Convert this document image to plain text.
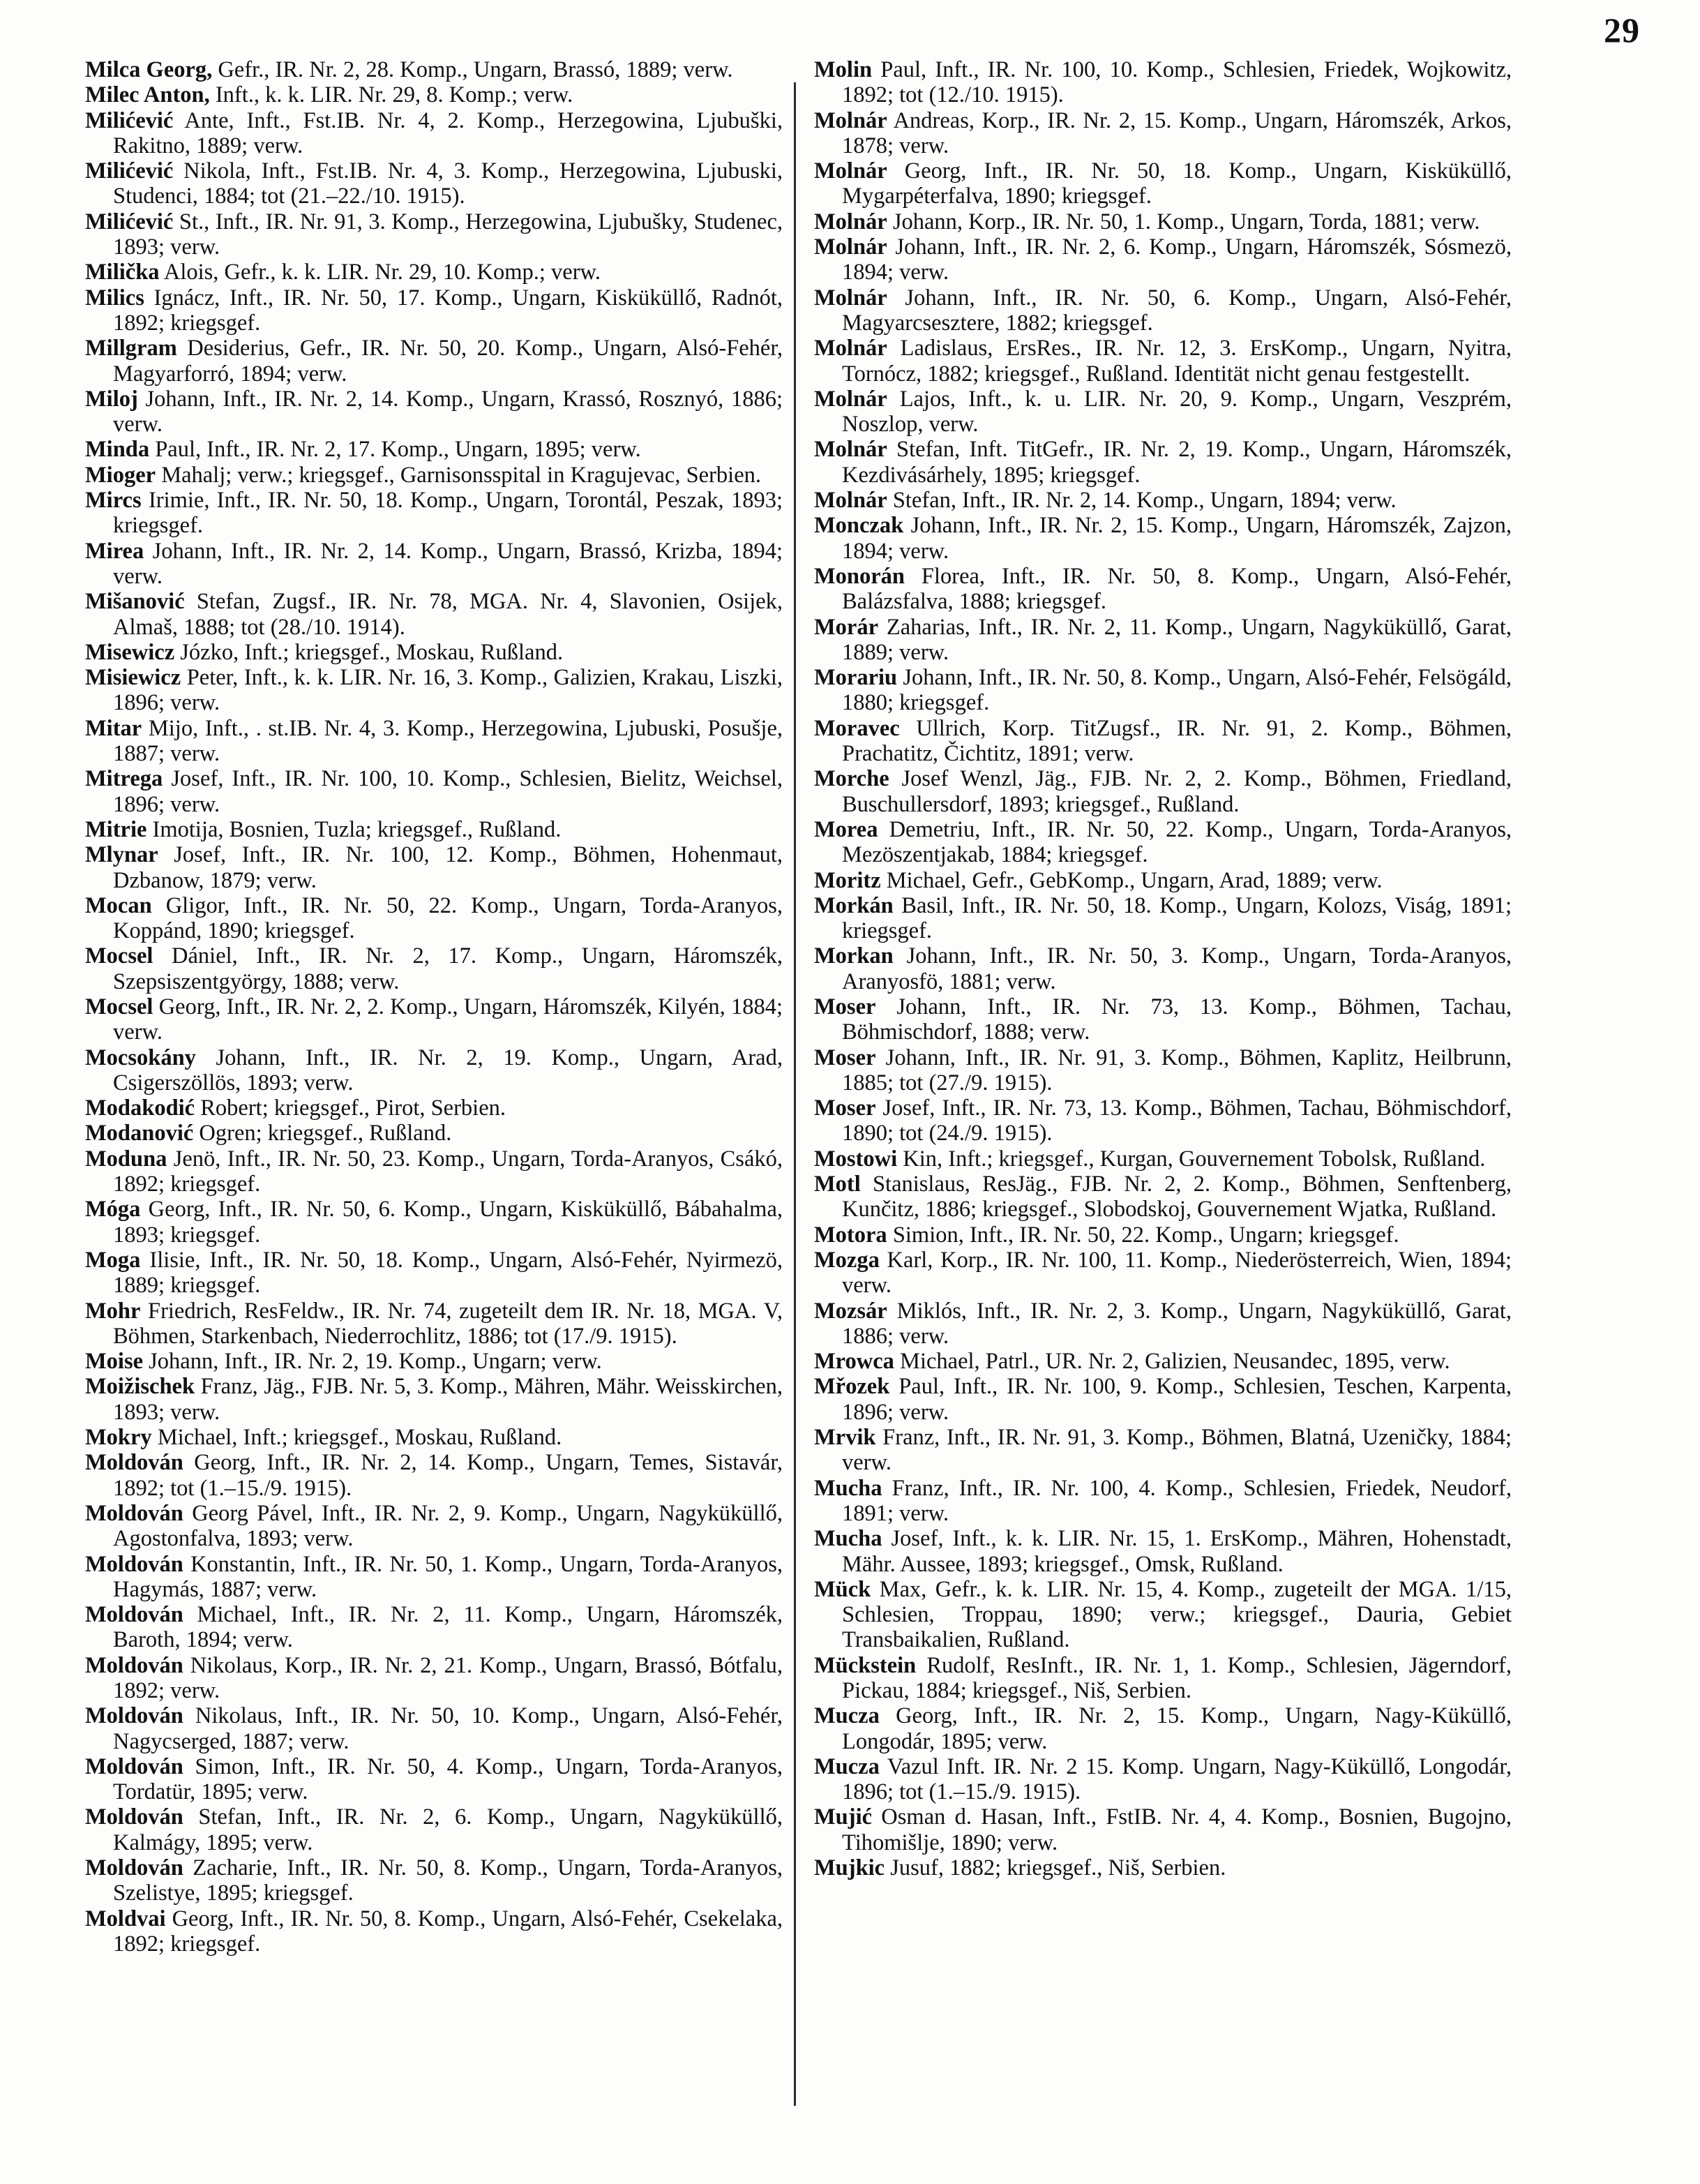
29
Milca Georg, Gefr., IR. Nr. 2, 28. Komp., Ungarn, Brassó, 1889; verw.
Milec Anton, Inft., k. k. LIR. Nr. 29, 8. Komp.; verw.
Milićević Ante, Inft., Fst.IB. Nr. 4, 2. Komp., Herzegowina, Ljubuški, Rakitno, 1889; verw.
Milićević Nikola, Inft., Fst.IB. Nr. 4, 3. Komp., Herzegowina, Ljubuski, Studenci, 1884; tot (21.–22./10. 1915).
Milićević St., Inft., IR. Nr. 91, 3. Komp., Herzegowina, Ljubušky, Studenec, 1893; verw.
Milička Alois, Gefr., k. k. LIR. Nr. 29, 10. Komp.; verw.
Milics Ignácz, Inft., IR. Nr. 50, 17. Komp., Ungarn, Kisküküllő, Radnót, 1892; kriegsgef.
Millgram Desiderius, Gefr., IR. Nr. 50, 20. Komp., Ungarn, Alsó-Fehér, Magyarforró, 1894; verw.
Miloj Johann, Inft., IR. Nr. 2, 14. Komp., Ungarn, Krassó, Rosznyó, 1886; verw.
Minda Paul, Inft., IR. Nr. 2, 17. Komp., Ungarn, 1895; verw.
Mioger Mahalj; verw.; kriegsgef., Garnisonsspital in Kragujevac, Serbien.
Mircs Irimie, Inft., IR. Nr. 50, 18. Komp., Ungarn, Torontál, Peszak, 1893; kriegsgef.
Mirea Johann, Inft., IR. Nr. 2, 14. Komp., Ungarn, Brassó, Krizba, 1894; verw.
Mišanović Stefan, Zugsf., IR. Nr. 78, MGA. Nr. 4, Slavonien, Osijek, Almaš, 1888; tot (28./10. 1914).
Misewicz Józko, Inft.; kriegsgef., Moskau, Rußland.
Misiewicz Peter, Inft., k. k. LIR. Nr. 16, 3. Komp., Galizien, Krakau, Liszki, 1896; verw.
Mitar Mijo, Inft., . st.IB. Nr. 4, 3. Komp., Herzegowina, Ljubuski, Posušje, 1887; verw.
Mitrega Josef, Inft., IR. Nr. 100, 10. Komp., Schlesien, Bielitz, Weichsel, 1896; verw.
Mitrie Imotija, Bosnien, Tuzla; kriegsgef., Rußland.
Mlynar Josef, Inft., IR. Nr. 100, 12. Komp., Böhmen, Hohenmaut, Dzbanow, 1879; verw.
Mocan Gligor, Inft., IR. Nr. 50, 22. Komp., Ungarn, Torda-Aranyos, Koppánd, 1890; kriegsgef.
Mocsel Dániel, Inft., IR. Nr. 2, 17. Komp., Ungarn, Háromszék, Szepsiszentgyörgy, 1888; verw.
Mocsel Georg, Inft., IR. Nr. 2, 2. Komp., Ungarn, Háromszék, Kilyén, 1884; verw.
Mocsokány Johann, Inft., IR. Nr. 2, 19. Komp., Ungarn, Arad, Csigerszöllös, 1893; verw.
Modakodić Robert; kriegsgef., Pirot, Serbien.
Modanović Ogren; kriegsgef., Rußland.
Moduna Jenö, Inft., IR. Nr. 50, 23. Komp., Ungarn, Torda-Aranyos, Csákó, 1892; kriegsgef.
Móga Georg, Inft., IR. Nr. 50, 6. Komp., Ungarn, Kisküküllő, Bábahalma, 1893; kriegsgef.
Moga Ilisie, Inft., IR. Nr. 50, 18. Komp., Ungarn, Alsó-Fehér, Nyirmezö, 1889; kriegsgef.
Mohr Friedrich, ResFeldw., IR. Nr. 74, zugeteilt dem IR. Nr. 18, MGA. V, Böhmen, Starkenbach, Niederrochlitz, 1886; tot (17./9. 1915).
Moise Johann, Inft., IR. Nr. 2, 19. Komp., Ungarn; verw.
Moižischek Franz, Jäg., FJB. Nr. 5, 3. Komp., Mähren, Mähr. Weisskirchen, 1893; verw.
Mokry Michael, Inft.; kriegsgef., Moskau, Rußland.
Moldován Georg, Inft., IR. Nr. 2, 14. Komp., Ungarn, Temes, Sistavár, 1892; tot (1.–15./9. 1915).
Moldován Georg Pável, Inft., IR. Nr. 2, 9. Komp., Ungarn, Nagyküküllő, Agostonfalva, 1893; verw.
Moldován Konstantin, Inft., IR. Nr. 50, 1. Komp., Ungarn, Torda-Aranyos, Hagymás, 1887; verw.
Moldován Michael, Inft., IR. Nr. 2, 11. Komp., Ungarn, Háromszék, Baroth, 1894; verw.
Moldován Nikolaus, Korp., IR. Nr. 2, 21. Komp., Ungarn, Brassó, Bótfalu, 1892; verw.
Moldován Nikolaus, Inft., IR. Nr. 50, 10. Komp., Ungarn, Alsó-Fehér, Nagycserged, 1887; verw.
Moldován Simon, Inft., IR. Nr. 50, 4. Komp., Ungarn, Torda-Aranyos, Tordatür, 1895; verw.
Moldován Stefan, Inft., IR. Nr. 2, 6. Komp., Ungarn, Nagyküküllő, Kalmágy, 1895; verw.
Moldován Zacharie, Inft., IR. Nr. 50, 8. Komp., Ungarn, Torda-Aranyos, Szelistye, 1895; kriegsgef.
Moldvai Georg, Inft., IR. Nr. 50, 8. Komp., Ungarn, Alsó-Fehér, Csekelaka, 1892; kriegsgef.
Molin Paul, Inft., IR. Nr. 100, 10. Komp., Schlesien, Friedek, Wojkowitz, 1892; tot (12./10. 1915).
Molnár Andreas, Korp., IR. Nr. 2, 15. Komp., Ungarn, Háromszék, Arkos, 1878; verw.
Molnár Georg, Inft., IR. Nr. 50, 18. Komp., Ungarn, Kisküküllő, Mygarpéterfalva, 1890; kriegsgef.
Molnár Johann, Korp., IR. Nr. 50, 1. Komp., Ungarn, Torda, 1881; verw.
Molnár Johann, Inft., IR. Nr. 2, 6. Komp., Ungarn, Háromszék, Sósmezö, 1894; verw.
Molnár Johann, Inft., IR. Nr. 50, 6. Komp., Ungarn, Alsó-Fehér, Magyarcsesztere, 1882; kriegsgef.
Molnár Ladislaus, ErsRes., IR. Nr. 12, 3. ErsKomp., Ungarn, Nyitra, Tornócz, 1882; kriegsgef., Rußland. Identität nicht genau festgestellt.
Molnár Lajos, Inft., k. u. LIR. Nr. 20, 9. Komp., Ungarn, Veszprém, Noszlop, verw.
Molnár Stefan, Inft. TitGefr., IR. Nr. 2, 19. Komp., Ungarn, Háromszék, Kezdivásárhely, 1895; kriegsgef.
Molnár Stefan, Inft., IR. Nr. 2, 14. Komp., Ungarn, 1894; verw.
Monczak Johann, Inft., IR. Nr. 2, 15. Komp., Ungarn, Háromszék, Zajzon, 1894; verw.
Monorán Florea, Inft., IR. Nr. 50, 8. Komp., Ungarn, Alsó-Fehér, Balázsfalva, 1888; kriegsgef.
Morár Zaharias, Inft., IR. Nr. 2, 11. Komp., Ungarn, Nagyküküllő, Garat, 1889; verw.
Morariu Johann, Inft., IR. Nr. 50, 8. Komp., Ungarn, Alsó-Fehér, Felsögáld, 1880; kriegsgef.
Moravec Ullrich, Korp. TitZugsf., IR. Nr. 91, 2. Komp., Böhmen, Prachatitz, Čichtitz, 1891; verw.
Morche Josef Wenzl, Jäg., FJB. Nr. 2, 2. Komp., Böhmen, Friedland, Buschullersdorf, 1893; kriegsgef., Rußland.
Morea Demetriu, Inft., IR. Nr. 50, 22. Komp., Ungarn, Torda-Aranyos, Mezöszentjakab, 1884; kriegsgef.
Moritz Michael, Gefr., GebKomp., Ungarn, Arad, 1889; verw.
Morkán Basil, Inft., IR. Nr. 50, 18. Komp., Ungarn, Kolozs, Viság, 1891; kriegsgef.
Morkan Johann, Inft., IR. Nr. 50, 3. Komp., Ungarn, Torda-Aranyos, Aranyosfö, 1881; verw.
Moser Johann, Inft., IR. Nr. 73, 13. Komp., Böhmen, Tachau, Böhmischdorf, 1888; verw.
Moser Johann, Inft., IR. Nr. 91, 3. Komp., Böhmen, Kaplitz, Heilbrunn, 1885; tot (27./9. 1915).
Moser Josef, Inft., IR. Nr. 73, 13. Komp., Böhmen, Tachau, Böhmischdorf, 1890; tot (24./9. 1915).
Mostowi Kin, Inft.; kriegsgef., Kurgan, Gouvernement Tobolsk, Rußland.
Motl Stanislaus, ResJäg., FJB. Nr. 2, 2. Komp., Böhmen, Senftenberg, Kunčitz, 1886; kriegsgef., Slobodskoj, Gouvernement Wjatka, Rußland.
Motora Simion, Inft., IR. Nr. 50, 22. Komp., Ungarn; kriegsgef.
Mozga Karl, Korp., IR. Nr. 100, 11. Komp., Niederösterreich, Wien, 1894; verw.
Mozsár Miklós, Inft., IR. Nr. 2, 3. Komp., Ungarn, Nagyküküllő, Garat, 1886; verw.
Mrowca Michael, Patrl., UR. Nr. 2, Galizien, Neusandec, 1895, verw.
Mřozek Paul, Inft., IR. Nr. 100, 9. Komp., Schlesien, Teschen, Karpenta, 1896; verw.
Mrvik Franz, Inft., IR. Nr. 91, 3. Komp., Böhmen, Blatná, Uzeničky, 1884; verw.
Mucha Franz, Inft., IR. Nr. 100, 4. Komp., Schlesien, Friedek, Neudorf, 1891; verw.
Mucha Josef, Inft., k. k. LIR. Nr. 15, 1. ErsKomp., Mähren, Hohenstadt, Mähr. Aussee, 1893; kriegsgef., Omsk, Rußland.
Mück Max, Gefr., k. k. LIR. Nr. 15, 4. Komp., zugeteilt der MGA. 1/15, Schlesien, Troppau, 1890; verw.; kriegsgef., Dauria, Gebiet Transbaikalien, Rußland.
Mückstein Rudolf, ResInft., IR. Nr. 1, 1. Komp., Schlesien, Jägerndorf, Pickau, 1884; kriegsgef., Niš, Serbien.
Mucza Georg, Inft., IR. Nr. 2, 15. Komp., Ungarn, Nagy-Küküllő, Longodár, 1895; verw.
Mucza Vazul Inft. IR. Nr. 2 15. Komp. Ungarn, Nagy-Küküllő, Longodár, 1896; tot (1.–15./9. 1915).
Mujić Osman d. Hasan, Inft., FstIB. Nr. 4, 4. Komp., Bosnien, Bugojno, Tihomišlje, 1890; verw.
Mujkic Jusuf, 1882; kriegsgef., Niš, Serbien.
